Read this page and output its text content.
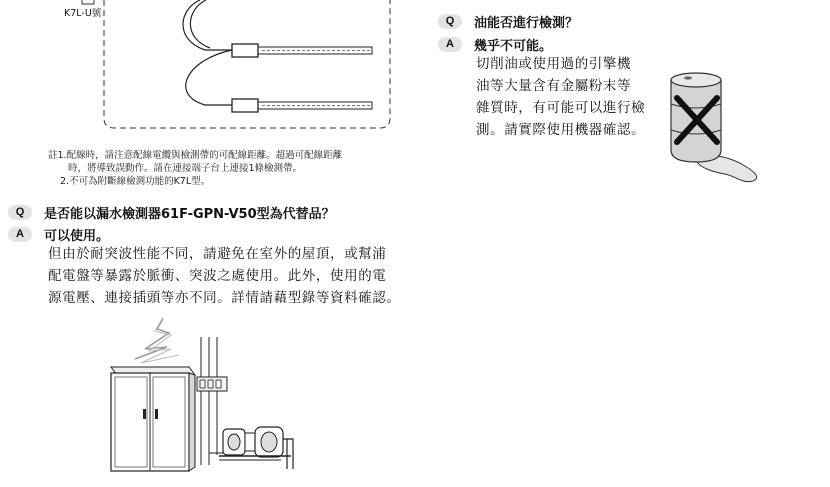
K7L-U號
註1.配線時，請注意配線電纜與檢測帶的可配線距離。超過可配線距離
時，將導致誤動作。請在連接端子台上連接1條檢測帶。
2.不可為附斷線檢測功能的K7L型。
Q	油能否進行檢測？
A	幾乎不可能。
切削油或使用過的引擎機
油等大量含有金屬粉末等
雜質時，有可能可以進行檢
測。請實際使用機器確認。
Q	是否能以漏水檢測器61F-GPN-V50型為代替品？
A	可以使用。
但由於耐突波性能不同，請避免在室外的屋頂，或幫浦
配電盤等暴露於脈衝、突波之處使用。此外，使用的電
源電壓、連接插頭等亦不同。詳情請藉型錄等資料確認。
